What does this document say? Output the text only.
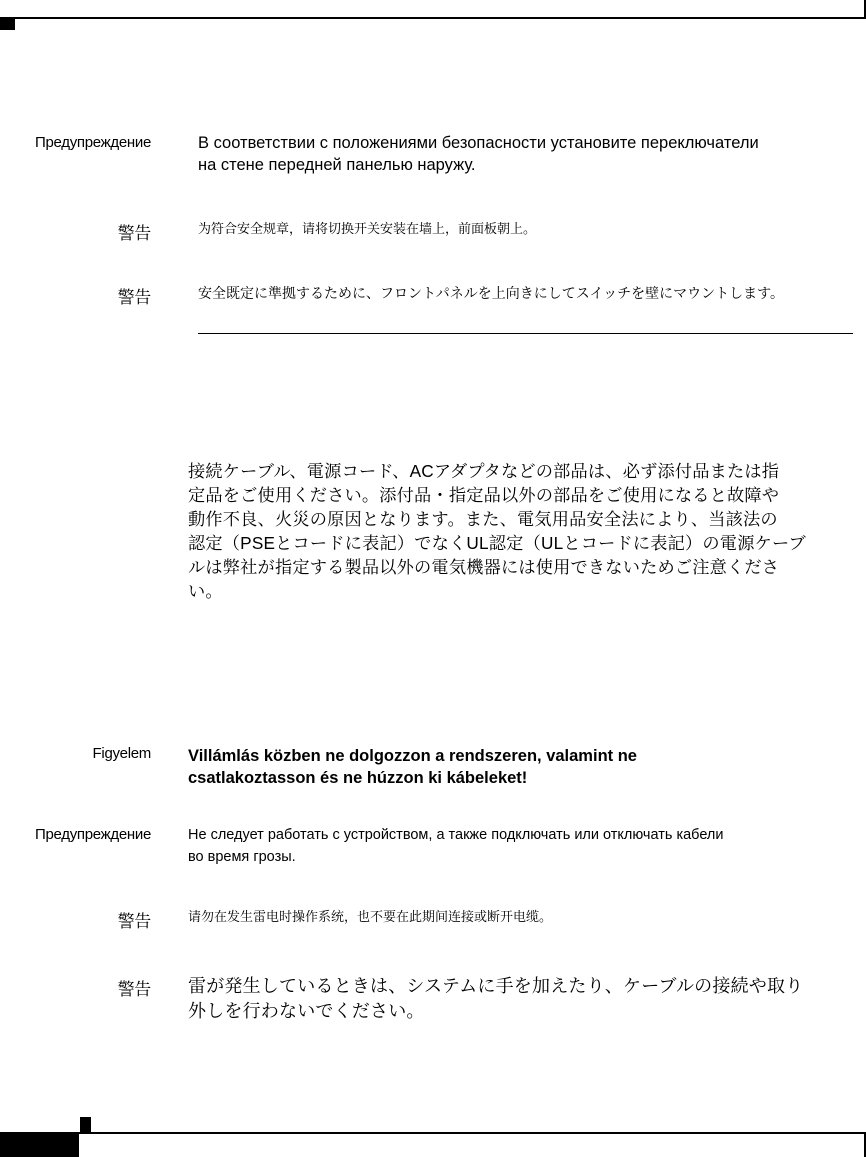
Предупреждение	В соответствии с положениями безопасности установите переключатели
на стене передней панелью наружу.
警告	为符合安全规章，请将切换开关安装在墙上，前面板朝上。
警告	安全既定に準拠するために、フロントパネルを上向きにしてスイッチを壁にマウントします。
接続ケーブル、電源コード、ACアダプタなどの部品は、必ず添付品または指
定品をご使用ください。添付品・指定品以外の部品をご使用になると故障や
動作不良、火災の原因となります。また、電気用品安全法により、当該法の
認定（PSEとコードに表記）でなくUL認定（ULとコードに表記）の電源ケーブ
ルは弊社が指定する製品以外の電気機器には使用できないためご注意くださ
い。
Figyelem Villámlás közben ne dolgozzon a rendszeren, valamint ne
csatlakoztasson és ne húzzon ki kábeleket!
Предупреждение	Не следует работать с устройством, а также подключать или отключать кабели
во время грозы.
警告	请勿在发生雷电时操作系统，也不要在此期间连接或断开电缆。
警告 雷が発生しているときは、システムに手を加えたり、ケーブルの接続や取り
外しを行わないでください。
